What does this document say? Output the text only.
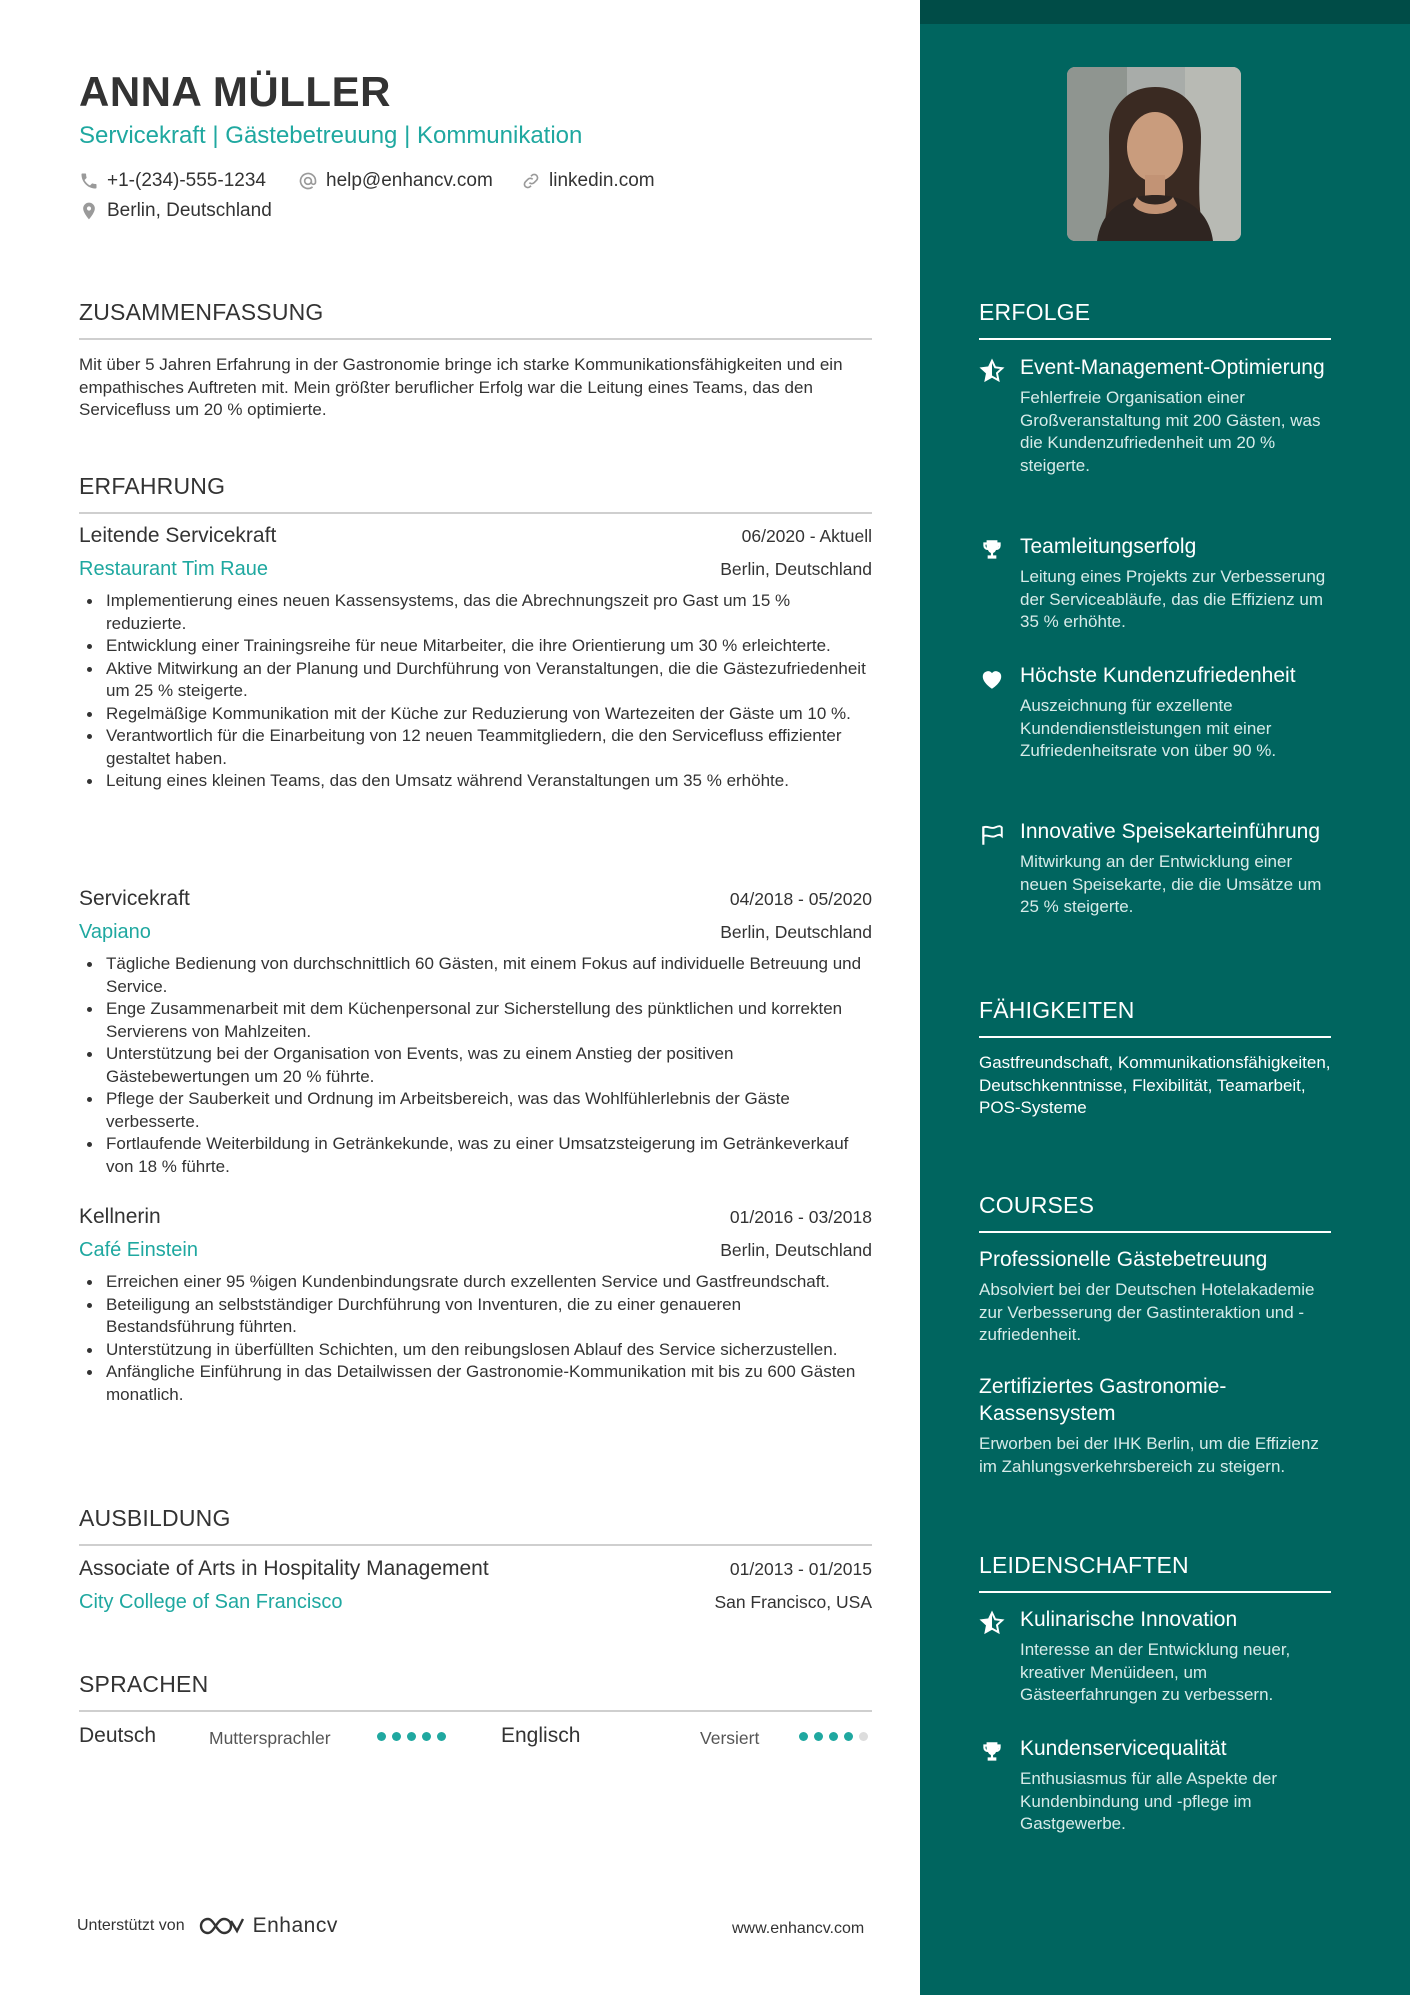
ANNA MÜLLER
Servicekraft | Gästebetreuung | Kommunikation
+1-(234)-555-1234	help@enhancv.com	linkedin.com
Berlin, Deutschland
ZUSAMMENFASSUNG
Mit über 5 Jahren Erfahrung in der Gastronomie bringe ich starke Kommunikationsfähigkeiten und ein empathisches Auftreten mit. Mein größter beruflicher Erfolg war die Leitung eines Teams, das den Servicefluss um 20 % optimierte.
ERFAHRUNG
Leitende Servicekraft	06/2020 - Aktuell
Restaurant Tim Raue	Berlin, Deutschland
Implementierung eines neuen Kassensystems, das die Abrechnungszeit pro Gast um 15 % reduzierte.
Entwicklung einer Trainingsreihe für neue Mitarbeiter, die ihre Orientierung um 30 % erleichterte.
Aktive Mitwirkung an der Planung und Durchführung von Veranstaltungen, die die Gästezufriedenheit um 25 % steigerte.
Regelmäßige Kommunikation mit der Küche zur Reduzierung von Wartezeiten der Gäste um 10 %.
Verantwortlich für die Einarbeitung von 12 neuen Teammitgliedern, die den Servicefluss effizienter gestaltet haben.
Leitung eines kleinen Teams, das den Umsatz während Veranstaltungen um 35 % erhöhte.
Servicekraft	04/2018 - 05/2020
Vapiano	Berlin, Deutschland
Tägliche Bedienung von durchschnittlich 60 Gästen, mit einem Fokus auf individuelle Betreuung und Service.
Enge Zusammenarbeit mit dem Küchenpersonal zur Sicherstellung des pünktlichen und korrekten Servierens von Mahlzeiten.
Unterstützung bei der Organisation von Events, was zu einem Anstieg der positiven Gästebewertungen um 20 % führte.
Pflege der Sauberkeit und Ordnung im Arbeitsbereich, was das Wohlfühlerlebnis der Gäste verbesserte.
Fortlaufende Weiterbildung in Getränkekunde, was zu einer Umsatzsteigerung im Getränkeverkauf von 18 % führte.
Kellnerin	01/2016 - 03/2018
Café Einstein	Berlin, Deutschland
Erreichen einer 95 %igen Kundenbindungsrate durch exzellenten Service und Gastfreundschaft.
Beteiligung an selbstständiger Durchführung von Inventuren, die zu einer genaueren Bestandsführung führten.
Unterstützung in überfüllten Schichten, um den reibungslosen Ablauf des Service sicherzustellen.
Anfängliche Einführung in das Detailwissen der Gastronomie-Kommunikation mit bis zu 600 Gästen monatlich.
AUSBILDUNG
Associate of Arts in Hospitality Management	01/2013 - 01/2015
City College of San Francisco	San Francisco, USA
SPRACHEN
Deutsch	Muttersprachler	Englisch	Versiert
Unterstützt von	Enhancv	www.enhancv.com
ERFOLGE
Event-Management-Optimierung
Fehlerfreie Organisation einer Großveranstaltung mit 200 Gästen, was die Kundenzufriedenheit um 20 % steigerte.
Teamleitungserfolg
Leitung eines Projekts zur Verbesserung der Serviceabläufe, das die Effizienz um 35 % erhöhte.
Höchste Kundenzufriedenheit
Auszeichnung für exzellente Kundendienstleistungen mit einer Zufriedenheitsrate von über 90 %.
Innovative Speisekarteinführung
Mitwirkung an der Entwicklung einer neuen Speisekarte, die die Umsätze um 25 % steigerte.
FÄHIGKEITEN
Gastfreundschaft, Kommunikationsfähigkeiten, Deutschkenntnisse, Flexibilität, Teamarbeit, POS-Systeme
COURSES
Professionelle Gästebetreuung
Absolviert bei der Deutschen Hotelakademie zur Verbesserung der Gastinteraktion und -zufriedenheit.
Zertifiziertes Gastronomie-Kassensystem
Erworben bei der IHK Berlin, um die Effizienz im Zahlungsverkehrsbereich zu steigern.
LEIDENSCHAFTEN
Kulinarische Innovation
Interesse an der Entwicklung neuer, kreativer Menüideen, um Gästeerfahrungen zu verbessern.
Kundenservicequalität
Enthusiasmus für alle Aspekte der Kundenbindung und -pflege im Gastgewerbe.
